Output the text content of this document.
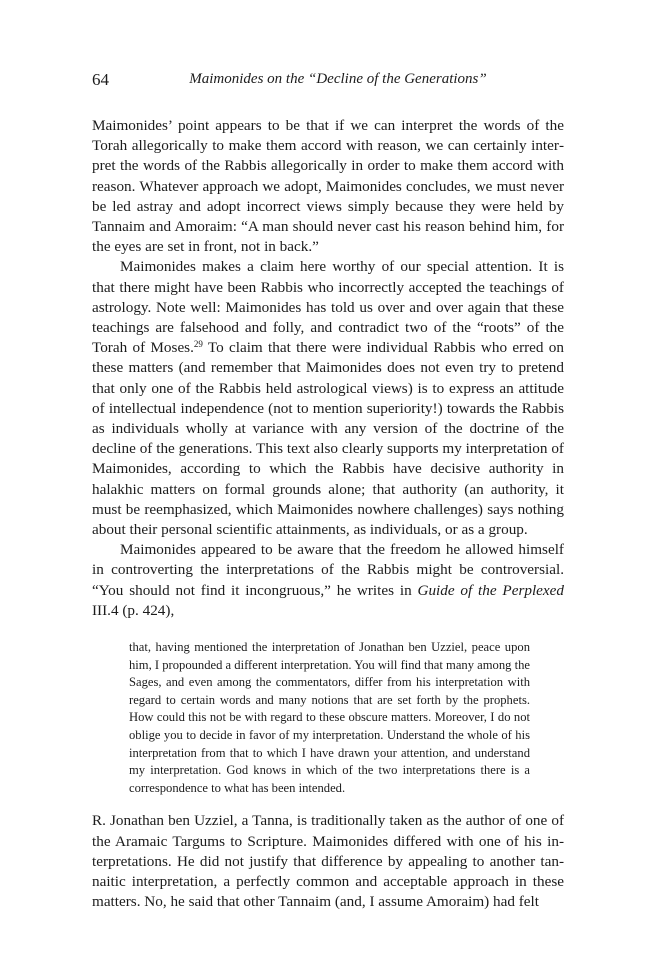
64	Maimonides on the “Decline of the Generations”

Maimonides’ point appears to be that if we can interpret the words of the Torah allegorically to make them accord with reason, we can certainly interpret the words of the Rabbis allegorically in order to make them accord with reason. Whatever approach we adopt, Maimonides concludes, we must never be led astray and adopt incorrect views simply because they were held by Tannaim and Amoraim: “A man should never cast his reason behind him, for the eyes are set in front, not in back.”

Maimonides makes a claim here worthy of our special attention. It is that there might have been Rabbis who incorrectly accepted the teachings of astrology. Note well: Maimonides has told us over and over again that these teachings are falsehood and folly, and contradict two of the “roots” of the Torah of Moses.$^{29}$ To claim that there were individual Rabbis who erred on these matters (and remember that Maimonides does not even try to pretend that only one of the Rabbis held astrological views) is to express an attitude of intellectual independence (not to mention superiority!) towards the Rabbis as individuals wholly at variance with any version of the doctrine of the decline of the generations. This text also clearly supports my interpretation of Maimonides, according to which the Rabbis have decisive authority in halakhic matters on formal grounds alone; that authority (an authority, it must be reemphasized, which Maimonides nowhere challenges) says nothing about their personal scientific attainments, as individuals, or as a group.

Maimonides appeared to be aware that the freedom he allowed himself in controverting the interpretations of the Rabbis might be controversial. “You should not find it incongruous,” he writes in Guide of the Perplexed III.4 (p. 424),

that, having mentioned the interpretation of Jonathan ben Uzziel, peace upon him, I propounded a different interpretation. You will find that many among the Sages, and even among the commentators, differ from his interpretation with regard to certain words and many notions that are set forth by the prophets. How could this not be with regard to these obscure matters. Moreover, I do not oblige you to decide in favor of my interpretation. Understand the whole of his interpretation from that to which I have drawn your attention, and understand my interpretation. God knows in which of the two interpretations there is a correspondence to what has been intended.

R. Jonathan ben Uzziel, a Tanna, is traditionally taken as the author of one of the Aramaic Targums to Scripture. Maimonides differed with one of his interpretations. He did not justify that difference by appealing to another tannaitic interpretation, a perfectly common and acceptable approach in these matters. No, he said that other Tannaim (and, I assume Amoraim) had felt
